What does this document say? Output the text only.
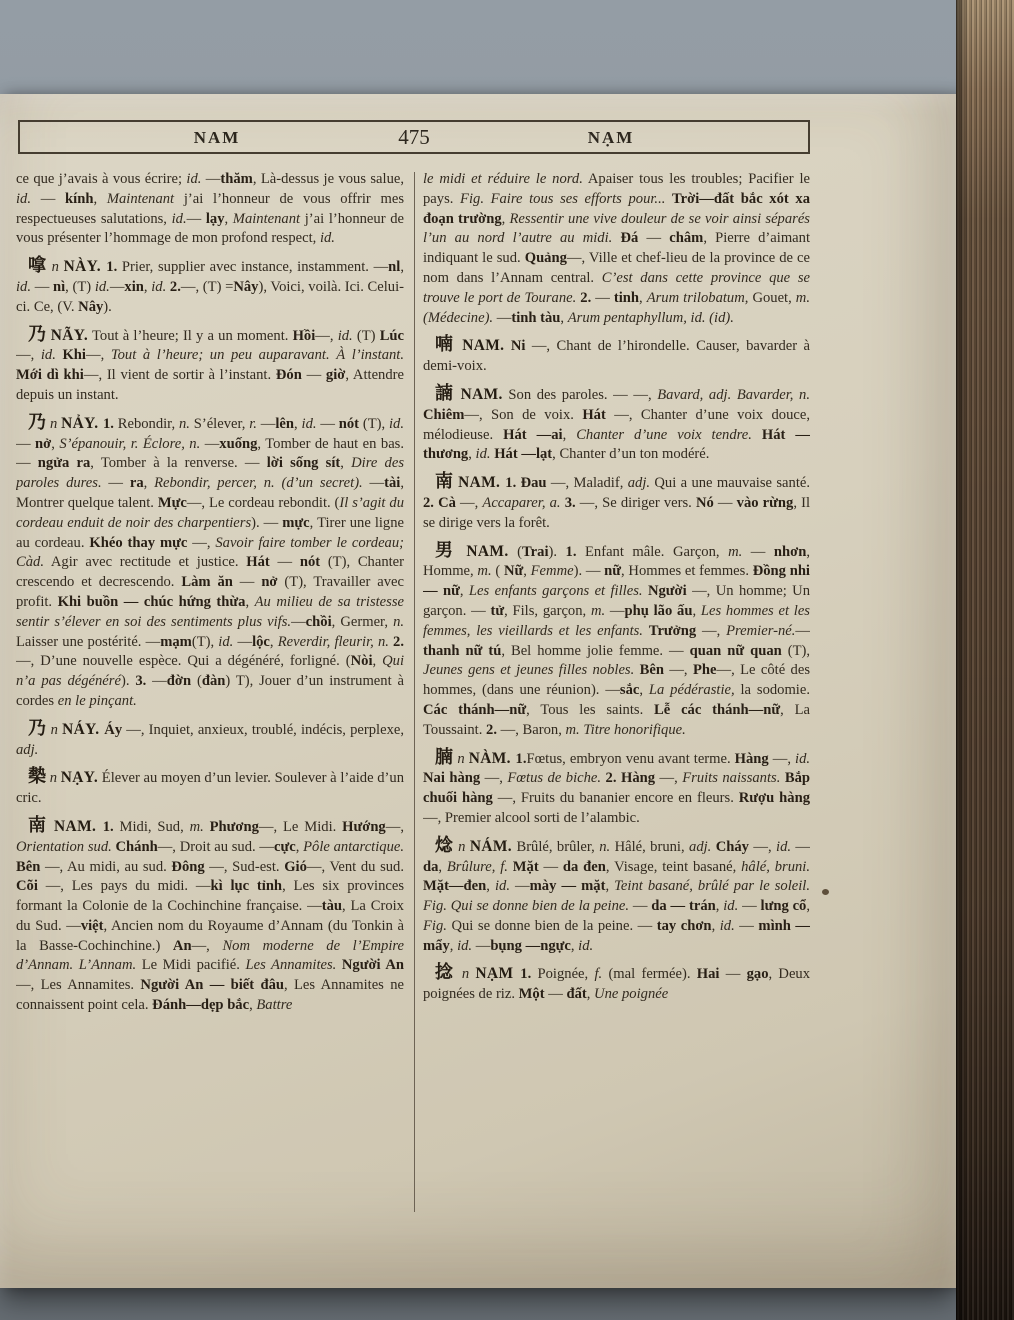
NAM	475	NẠM

ce que j’avais à vous écrire; id. —thăm, Là-dessus je vous salue, id. — kính, Maintenant j’ai l’honneur de vous offrir mes respectueuses salutations, id.— lạy, Maintenant j’ai l’honneur de vous présenter l’hommage de mon profond respect, id.

嗱 n NÀY. 1. Prier, supplier avec instance, instamment. —nl, id. — nì, (T) id.—xin, id. 2.—, (T) =Nây), Voici, voilà. Ici. Celui-ci. Ce, (V. Nây).

乃 NÃY. Tout à l’heure; Il y a un moment. Hồi—, id. (T) Lúc —, id. Khi—, Tout à l’heure; un peu auparavant. À l’instant. Mới dì khi—, Il vient de sortir à l’instant. Đón — giờ, Attendre depuis un instant.

乃 n NẢY. 1. Rebondir, n. S’élever, r. —lên, id. — nót (T), id. — nở, S’épanouir, r. Éclore, n. —xuống, Tomber de haut en bas. — ngửa ra, Tomber à la renverse. — lời sống sít, Dire des paroles dures. — ra, Rebondir, percer, n. (d’un secret). —tài, Montrer quelque talent. Mực—, Le cordeau rebondit. (Il s’agit du cordeau enduit de noir des charpentiers). — mực, Tirer une ligne au cordeau. Khéo thay mực —, Savoir faire tomber le cordeau; Càd. Agir avec rectitude et justice. Hát — nót (T), Chanter crescendo et decrescendo. Làm ăn — nở (T), Travailler avec profit. Khi buồn — chúc hứng thừa, Au milieu de sa tristesse sentir s’élever en soi des sentiments plus vifs.—chồi, Germer, n. Laisser une postérité. —mạm(T), id. —lộc, Reverdir, fleurir, n. 2. —, D’une nouvelle espèce. Qui a dégénéré, forligné. (Nòi, Qui n’a pas dégénéré). 3. —đờn (đàn) T), Jouer d’un instrument à cordes en le pinçant.

乃 n NÁY. Áy —, Inquiet, anxieux, troublé, indécis, perplexe, adj.

槷 n NẠY. Élever au moyen d’un levier. Soulever à l’aide d’un cric.

南 NAM. 1. Midi, Sud, m. Phương—, Le Midi. Hướng—, Orientation sud. Chánh—, Droit au sud. —cực, Pôle antarctique. Bên —, Au midi, au sud. Đông —, Sud-est. Gió—, Vent du sud. Cõi —, Les pays du midi. —kì lục tỉnh, Les six provinces formant la Colonie de la Cochinchine française. —tàu, La Croix du Sud. —việt, Ancien nom du Royaume d’Annam (du Tonkin à la Basse-Cochinchine.) An—, Nom moderne de l’Empire d’Annam. L’Annam. Le Midi pacifié. Les Annamites. Người An—, Les Annamites. Người An — biết đâu, Les Annamites ne connaissent point cela. Đánh—dẹp bắc, Battre

le midi et réduire le nord. Apaiser tous les troubles; Pacifier le pays. Fig. Faire tous ses efforts pour... Trời—đất bắc xót xa đoạn trường, Ressentir une vive douleur de se voir ainsi séparés l’un au nord l’autre au midi. Đá — châm, Pierre d’aimant indiquant le sud. Quảng—, Ville et chef-lieu de la province de ce nom dans l’Annam central. C’est dans cette province que se trouve le port de Tourane. 2. — tinh, Arum trilobatum, Gouet, m. (Médecine). —tinh tàu, Arum pentaphyllum, id. (id).

喃 NAM. Ni —, Chant de l’hirondelle. Causer, bavarder à demi-voix.

諵 NAM. Son des paroles. — —, Bavard, adj. Bavarder, n. Chiêm—, Son de voix. Hát —, Chanter d’une voix douce, mélodieuse. Hát —ai, Chanter d’une voix tendre. Hát — thương, id. Hát —lạt, Chanter d’un ton modéré.

南 NAM. 1. Đau —, Maladif, adj. Qui a une mauvaise santé. 2. Cà —, Accaparer, a. 3. —, Se diriger vers. Nó — vào rừng, Il se dirige vers la forêt.

男 NAM. (Trai). 1. Enfant mâle. Garçon, m. — nhơn, Homme, m. ( Nữ, Femme). — nữ, Hommes et femmes. Đồng nhi — nữ, Les enfants garçons et filles. Người —, Un homme; Un garçon. — tử, Fils, garçon, m. —phụ lão ấu, Les hommes et les femmes, les vieillards et les enfants. Trưởng —, Premier-né.—thanh nữ tú, Bel homme jolie femme. — quan nữ quan (T), Jeunes gens et jeunes filles nobles. Bên —, Phe—, Le côté des hommes, (dans une réunion). —sắc, La pédérastie, la sodomie. Các thánh—nữ, Tous les saints. Lễ các thánh—nữ, La Toussaint. 2. —, Baron, m. Titre honorifique.

腩 n NÀM. 1.Fœtus, embryon venu avant terme. Hàng —, id. Nai hàng —, Fœtus de biche. 2. Hàng —, Fruits naissants. Bắp chuối hàng —, Fruits du bananier encore en fleurs. Rượu hàng —, Premier alcool sorti de l’alambic.

焾 n NÁM. Brûlé, brûler, n. Hâlé, bruni, adj. Cháy —, id. — da, Brûlure, f. Mặt — da đen, Visage, teint basané, hâlé, bruni. Mặt—đen, id. —mày — mặt, Teint basané, brûlé par le soleil. Fig. Qui se donne bien de la peine. — da — trán, id. — lưng cổ, Fig. Qui se donne bien de la peine. — tay chơn, id. — mình — mẩy, id. —bụng —ngực, id.

捻 n NẠM 1. Poignée, f. (mal fermée). Hai — gạo, Deux poignées de riz. Một — đất, Une poignée
